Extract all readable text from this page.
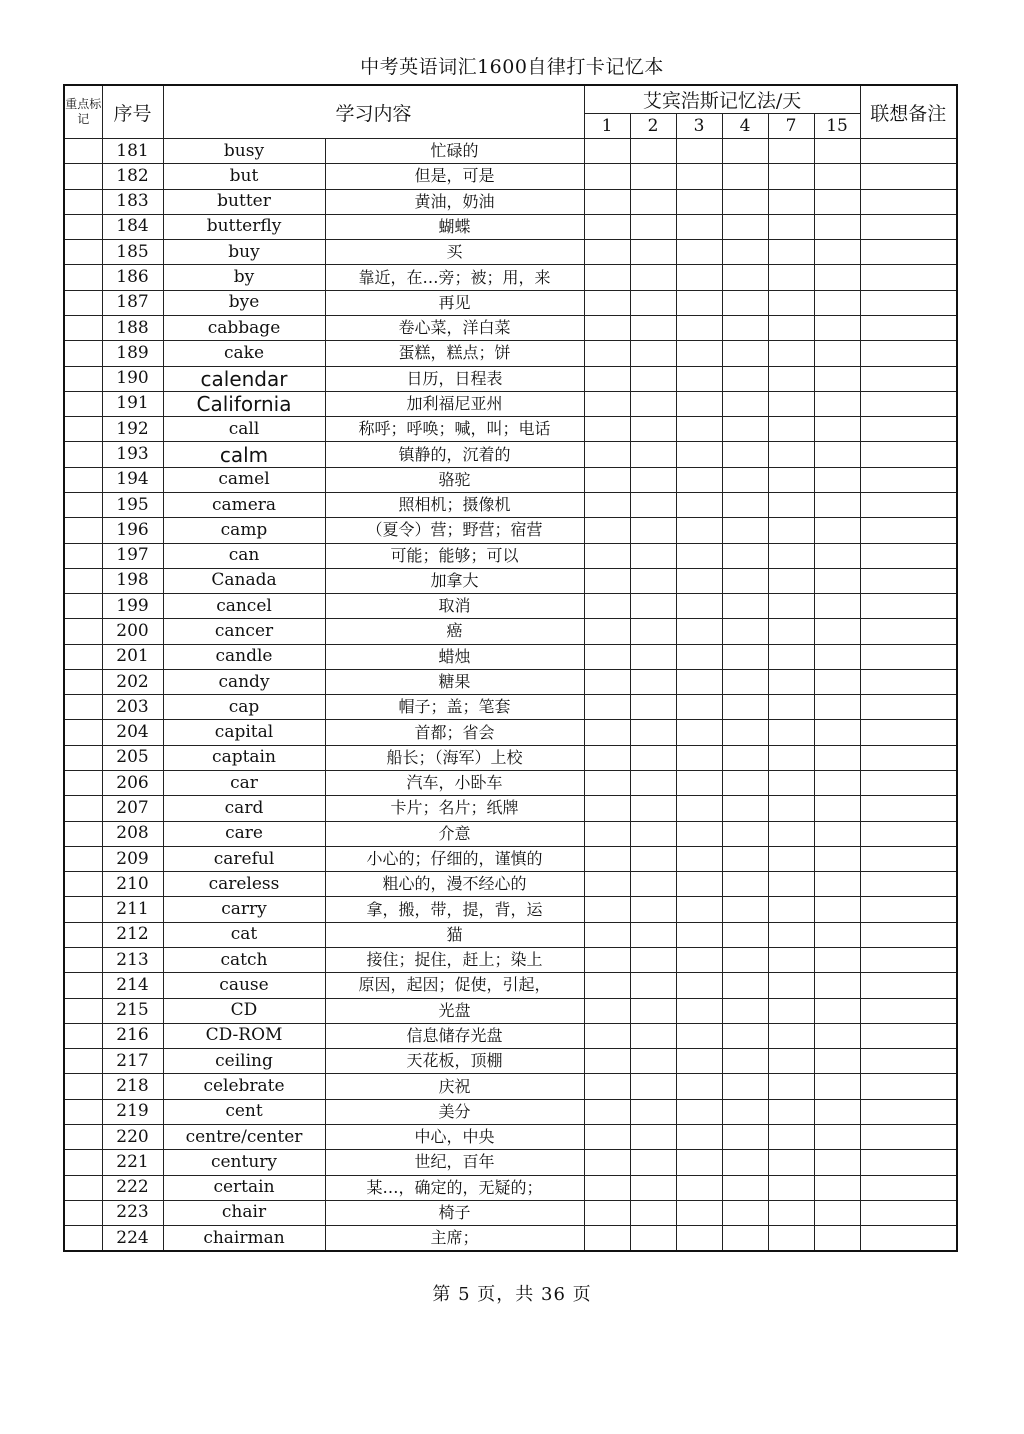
中考英语词汇1600自律打卡记忆本
重点标记	序号	学习内容		艾宾浩斯记忆法/天						联想备注
				1	2	3	4	7	15	
	181	busy	忙碌的							
	182	but	但是，可是							
	183	butter	黄油，奶油							
	184	butterfly	蝴蝶							
	185	buy	买							
	186	by	靠近，在…旁；被；用，来							
	187	bye	再见							
	188	cabbage	卷心菜，洋白菜							
	189	cake	蛋糕，糕点；饼							
	190	calendar	日历，日程表							
	191	California	加利福尼亚州							
	192	call	称呼；呼唤；喊，叫；电话							
	193	calm	镇静的，沉着的							
	194	camel	骆驼							
	195	camera	照相机；摄像机							
	196	camp	（夏令）营；野营；宿营							
	197	can	可能；能够；可以							
	198	Canada	加拿大							
	199	cancel	取消							
	200	cancer	癌							
	201	candle	蜡烛							
	202	candy	糖果							
	203	cap	帽子；盖；笔套							
	204	capital	首都；省会							
	205	captain	船长；（海军）上校							
	206	car	汽车，小卧车							
	207	card	卡片；名片；纸牌							
	208	care	介意							
	209	careful	小心的；仔细的，谨慎的							
	210	careless	粗心的，漫不经心的							
	211	carry	拿，搬，带，提，背，运							
	212	cat	猫							
	213	catch	接住；捉住，赶上；染上							
	214	cause	原因，起因；促使，引起，							
	215	CD	光盘							
	216	CD-ROM	信息储存光盘							
	217	ceiling	天花板，顶棚							
	218	celebrate	庆祝							
	219	cent	美分							
	220	centre/center	中心，中央							
	221	century	世纪，百年							
	222	certain	某…，确定的，无疑的；							
	223	chair	椅子							
	224	chairman	主席；							
第 5 页，共 36 页
